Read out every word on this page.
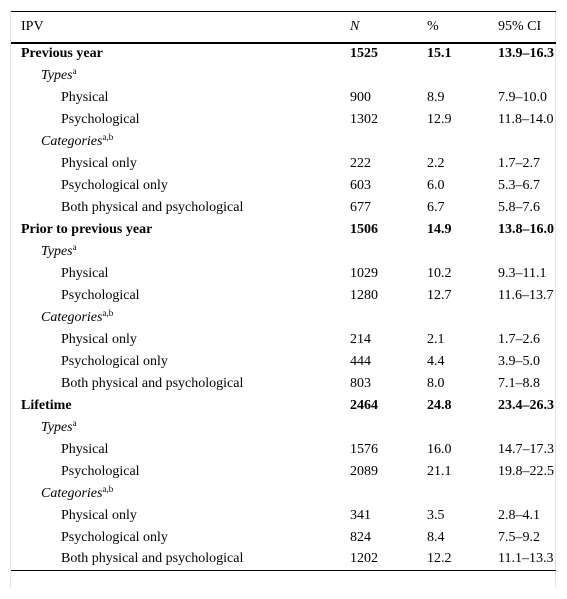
IPV	N	%	95% CI
Previous year	1525	15.1	13.9–16.3
Types$^a$			
Physical	900	8.9	7.9–10.0
Psychological	1302	12.9	11.8–14.0
Categories$^{a,b}$			
Physical only	222	2.2	1.7–2.7
Psychological only	603	6.0	5.3–6.7
Both physical and psychological	677	6.7	5.8–7.6
Prior to previous year	1506	14.9	13.8–16.0
Types$^a$			
Physical	1029	10.2	9.3–11.1
Psychological	1280	12.7	11.6–13.7
Categories$^{a,b}$			
Physical only	214	2.1	1.7–2.6
Psychological only	444	4.4	3.9–5.0
Both physical and psychological	803	8.0	7.1–8.8
Lifetime	2464	24.8	23.4–26.3
Types$^a$			
Physical	1576	16.0	14.7–17.3
Psychological	2089	21.1	19.8–22.5
Categories$^{a,b}$			
Physical only	341	3.5	2.8–4.1
Psychological only	824	8.4	7.5–9.2
Both physical and psychological	1202	12.2	11.1–13.3
